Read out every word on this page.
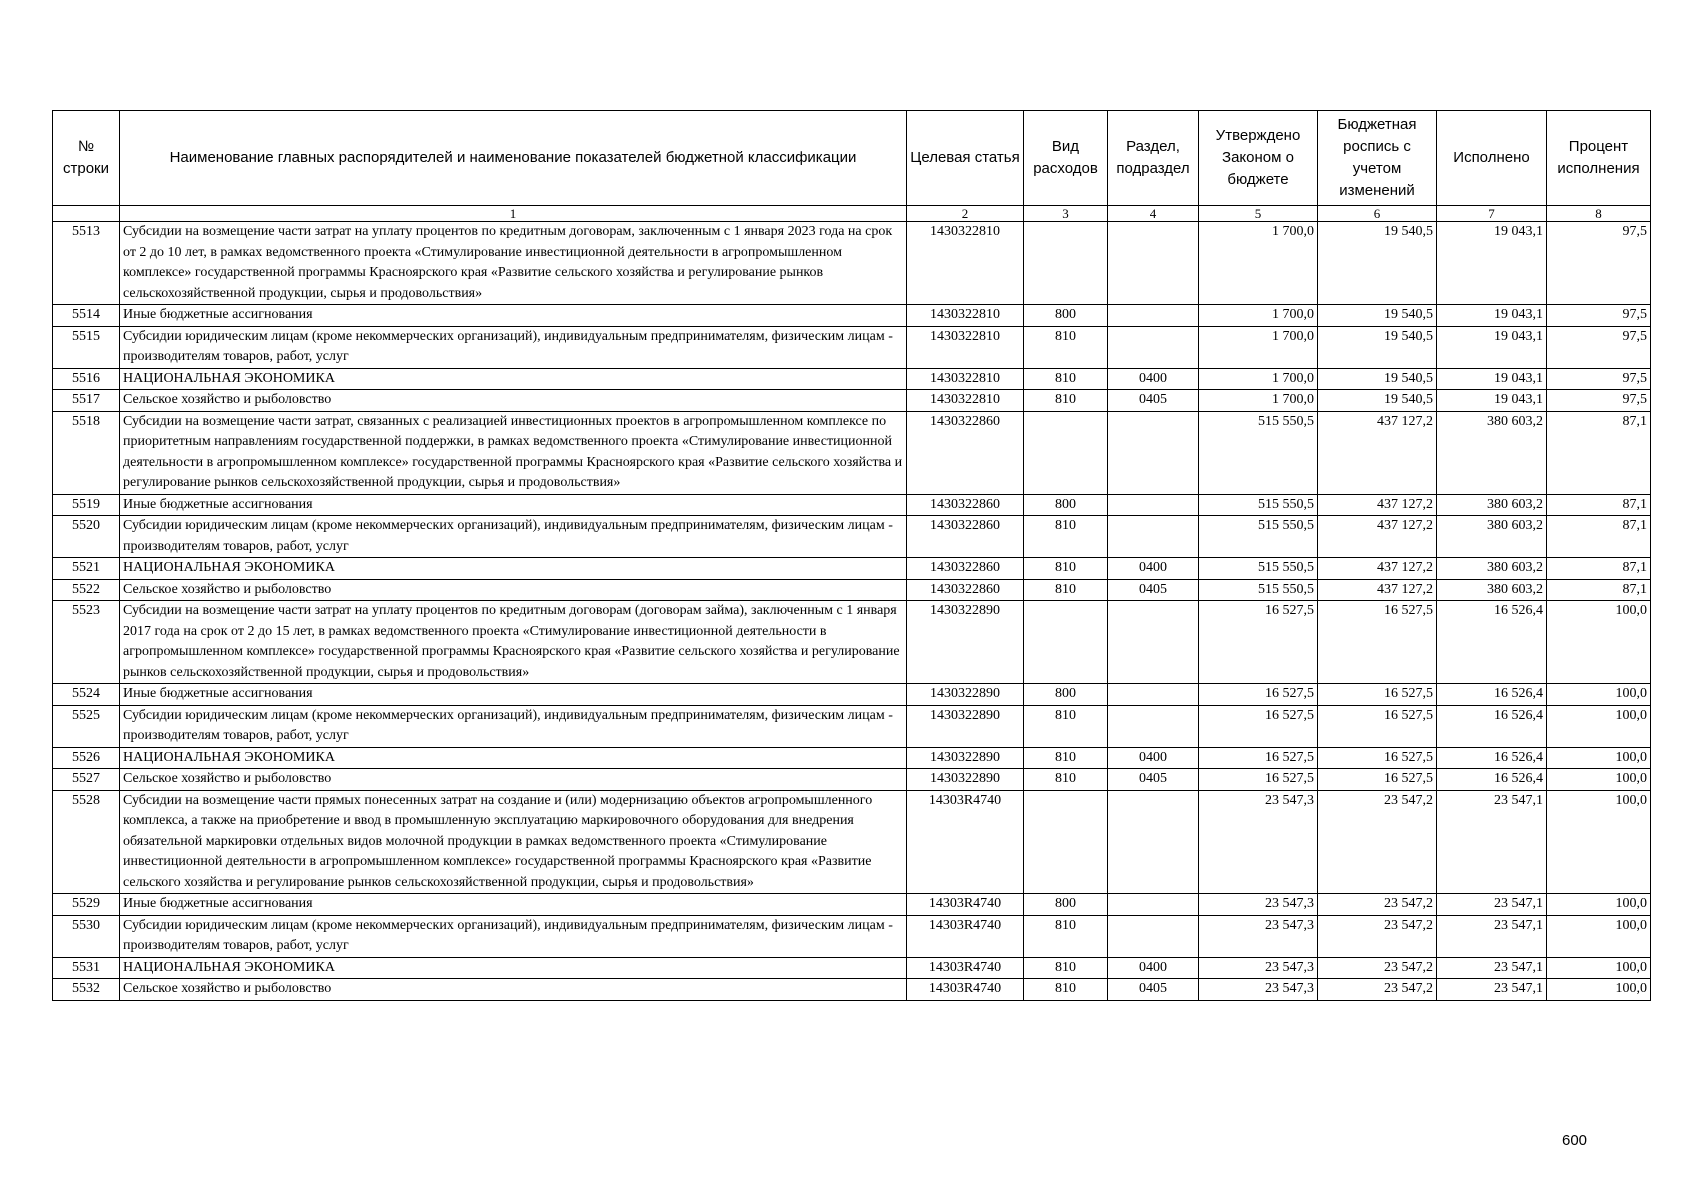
№ строки	Наименование главных распорядителей и наименование показателей бюджетной классификации	Целевая статья	Вид расходов	Раздел, подраздел	Утверждено Законом о бюджете	Бюджетная роспись с учетом изменений	Исполнено	Процент исполнения
	1	2	3	4	5	6	7	8
5513	Субсидии на возмещение части затрат на уплату процентов по кредитным договорам, заключенным с 1 января 2023 года на срок от 2 до 10 лет, в рамках ведомственного проекта «Стимулирование инвестиционной деятельности в агропромышленном комплексе» государственной программы Красноярского края «Развитие сельского хозяйства и регулирование рынков сельскохозяйственной продукции, сырья и продовольствия»	1430322810			1 700,0	19 540,5	19 043,1	97,5
5514	Иные бюджетные ассигнования	1430322810	800		1 700,0	19 540,5	19 043,1	97,5
5515	Субсидии юридическим лицам (кроме некоммерческих организаций), индивидуальным предпринимателям, физическим лицам - производителям товаров, работ, услуг	1430322810	810		1 700,0	19 540,5	19 043,1	97,5
5516	НАЦИОНАЛЬНАЯ ЭКОНОМИКА	1430322810	810	0400	1 700,0	19 540,5	19 043,1	97,5
5517	Сельское хозяйство и рыболовство	1430322810	810	0405	1 700,0	19 540,5	19 043,1	97,5
5518	Субсидии на возмещение части затрат, связанных с реализацией инвестиционных проектов в агропромышленном комплексе по приоритетным направлениям государственной поддержки, в рамках ведомственного проекта «Стимулирование инвестиционной деятельности в агропромышленном комплексе» государственной программы Красноярского края «Развитие сельского хозяйства и регулирование рынков сельскохозяйственной продукции, сырья и продовольствия»	1430322860			515 550,5	437 127,2	380 603,2	87,1
5519	Иные бюджетные ассигнования	1430322860	800		515 550,5	437 127,2	380 603,2	87,1
5520	Субсидии юридическим лицам (кроме некоммерческих организаций), индивидуальным предпринимателям, физическим лицам - производителям товаров, работ, услуг	1430322860	810		515 550,5	437 127,2	380 603,2	87,1
5521	НАЦИОНАЛЬНАЯ ЭКОНОМИКА	1430322860	810	0400	515 550,5	437 127,2	380 603,2	87,1
5522	Сельское хозяйство и рыболовство	1430322860	810	0405	515 550,5	437 127,2	380 603,2	87,1
5523	Субсидии на возмещение части затрат на уплату процентов по кредитным договорам (договорам займа), заключенным с 1 января 2017 года на срок от 2 до 15 лет, в рамках ведомственного проекта «Стимулирование инвестиционной деятельности в агропромышленном комплексе» государственной программы Красноярского края «Развитие сельского хозяйства и регулирование рынков сельскохозяйственной продукции, сырья и продовольствия»	1430322890			16 527,5	16 527,5	16 526,4	100,0
5524	Иные бюджетные ассигнования	1430322890	800		16 527,5	16 527,5	16 526,4	100,0
5525	Субсидии юридическим лицам (кроме некоммерческих организаций), индивидуальным предпринимателям, физическим лицам - производителям товаров, работ, услуг	1430322890	810		16 527,5	16 527,5	16 526,4	100,0
5526	НАЦИОНАЛЬНАЯ ЭКОНОМИКА	1430322890	810	0400	16 527,5	16 527,5	16 526,4	100,0
5527	Сельское хозяйство и рыболовство	1430322890	810	0405	16 527,5	16 527,5	16 526,4	100,0
5528	Субсидии на возмещение части прямых понесенных затрат на создание и (или) модернизацию объектов агропромышленного комплекса, а также на приобретение и ввод в промышленную эксплуатацию маркировочного оборудования для внедрения обязательной маркировки отдельных видов молочной продукции в рамках ведомственного проекта «Стимулирование инвестиционной деятельности в агропромышленном комплексе» государственной программы Красноярского края «Развитие сельского хозяйства и регулирование рынков сельскохозяйственной продукции, сырья и продовольствия»	14303R4740			23 547,3	23 547,2	23 547,1	100,0
5529	Иные бюджетные ассигнования	14303R4740	800		23 547,3	23 547,2	23 547,1	100,0
5530	Субсидии юридическим лицам (кроме некоммерческих организаций), индивидуальным предпринимателям, физическим лицам - производителям товаров, работ, услуг	14303R4740	810		23 547,3	23 547,2	23 547,1	100,0
5531	НАЦИОНАЛЬНАЯ ЭКОНОМИКА	14303R4740	810	0400	23 547,3	23 547,2	23 547,1	100,0
5532	Сельское хозяйство и рыболовство	14303R4740	810	0405	23 547,3	23 547,2	23 547,1	100,0
600
